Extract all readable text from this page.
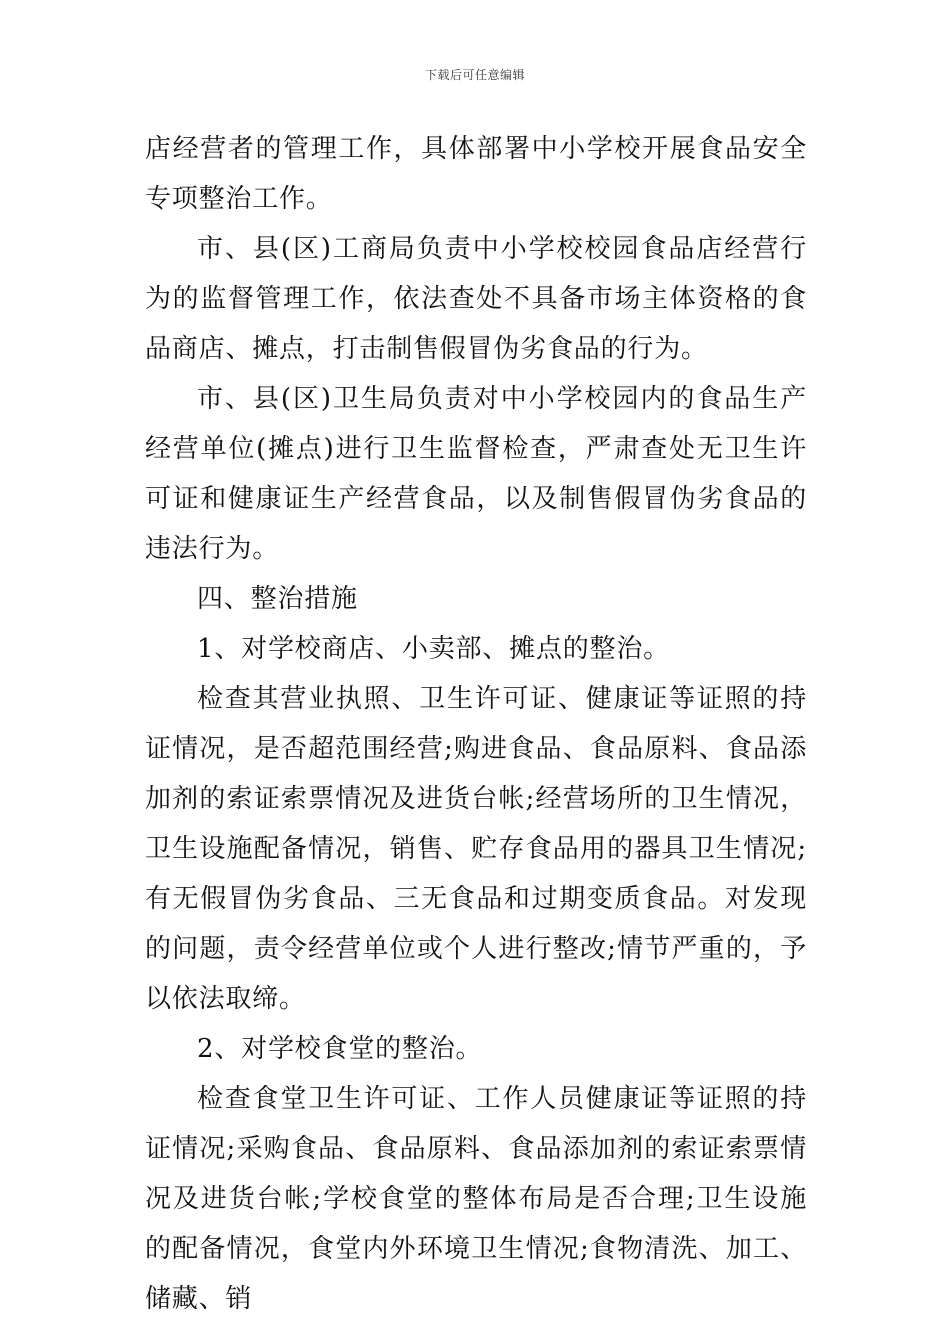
下载后可任意编辑

店经营者的管理工作，具体部署中小学校开展食品安全专项整治工作。

市、县(区)工商局负责中小学校校园食品店经营行为的监督管理工作，依法查处不具备市场主体资格的食品商店、摊点，打击制售假冒伪劣食品的行为。

市、县(区)卫生局负责对中小学校园内的食品生产经营单位(摊点)进行卫生监督检查，严肃查处无卫生许可证和健康证生产经营食品，以及制售假冒伪劣食品的违法行为。

四、整治措施

1、对学校商店、小卖部、摊点的整治。

检查其营业执照、卫生许可证、健康证等证照的持证情况，是否超范围经营;购进食品、食品原料、食品添加剂的索证索票情况及进货台帐;经营场所的卫生情况，卫生设施配备情况，销售、贮存食品用的器具卫生情况;有无假冒伪劣食品、三无食品和过期变质食品。对发现的问题，责令经营单位或个人进行整改;情节严重的，予以依法取缔。

2、对学校食堂的整治。

检查食堂卫生许可证、工作人员健康证等证照的持证情况;采购食品、食品原料、食品添加剂的索证索票情况及进货台帐;学校食堂的整体布局是否合理;卫生设施的配备情况，食堂内外环境卫生情况;食物清洗、加工、储藏、销
